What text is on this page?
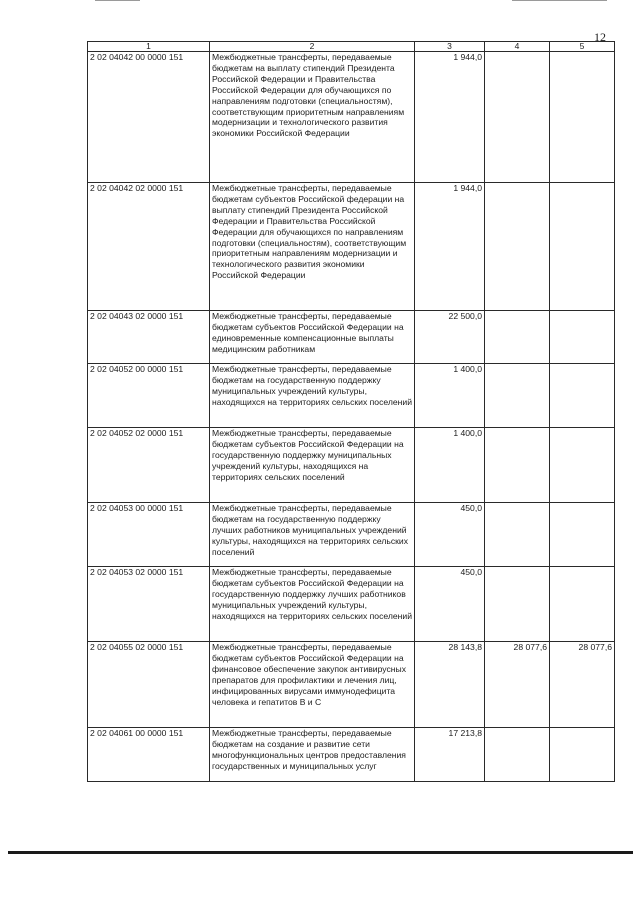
12
1	2	3	4	5
2 02 04042 00 0000 151	Межбюджетные трансферты, передаваемые бюджетам на выплату стипендий Президента Российской Федерации и Правительства Российской Федерации для обучающихся по направлениям подготовки (специальностям), соответствующим приоритетным направлениям модернизации и технологического развития экономики Российской Федерации	1 944,0		
2 02 04042 02 0000 151	Межбюджетные трансферты, передаваемые бюджетам субъектов Российской федерации на выплату стипендий Президента Российской Федерации и Правительства Российской Федерации для обучающихся по направлениям подготовки (специальностям), соответствующим приоритетным направлениям модернизации и технологического развития экономики Российской Федерации	1 944,0		
2 02 04043 02 0000 151	Межбюджетные трансферты, передаваемые бюджетам субъектов Российской Федерации на единовременные компенсационные выплаты медицинским работникам	22 500,0		
2 02 04052 00 0000 151	Межбюджетные трансферты, передаваемые бюджетам на государственную поддержку муниципальных учреждений культуры, находящихся на территориях сельских поселений	1 400,0		
2 02 04052 02 0000 151	Межбюджетные трансферты, передаваемые бюджетам субъектов Российской Федерации на государственную поддержку муниципальных учреждений культуры, находящихся на территориях сельских поселений	1 400,0		
2 02 04053 00 0000 151	Межбюджетные трансферты, передаваемые бюджетам на государственную поддержку лучших работников муниципальных учреждений культуры, находящихся на территориях сельских поселений	450,0		
2 02 04053 02 0000 151	Межбюджетные трансферты, передаваемые бюджетам субъектов Российской Федерации на государственную поддержку лучших работников муниципальных учреждений культуры, находящихся на территориях сельских поселений	450,0		
2 02 04055 02 0000 151	Межбюджетные трансферты, передаваемые бюджетам субъектов Российской Федерации на финансовое обеспечение закупок антивирусных препаратов для профилактики и лечения лиц, инфицированных вирусами иммунодефицита человека и гепатитов В и С	28 143,8	28 077,6	28 077,6
2 02 04061 00 0000 151	Межбюджетные трансферты, передаваемые бюджетам на создание и развитие сети многофункциональных центров предоставления государственных и муниципальных услуг	17 213,8		
